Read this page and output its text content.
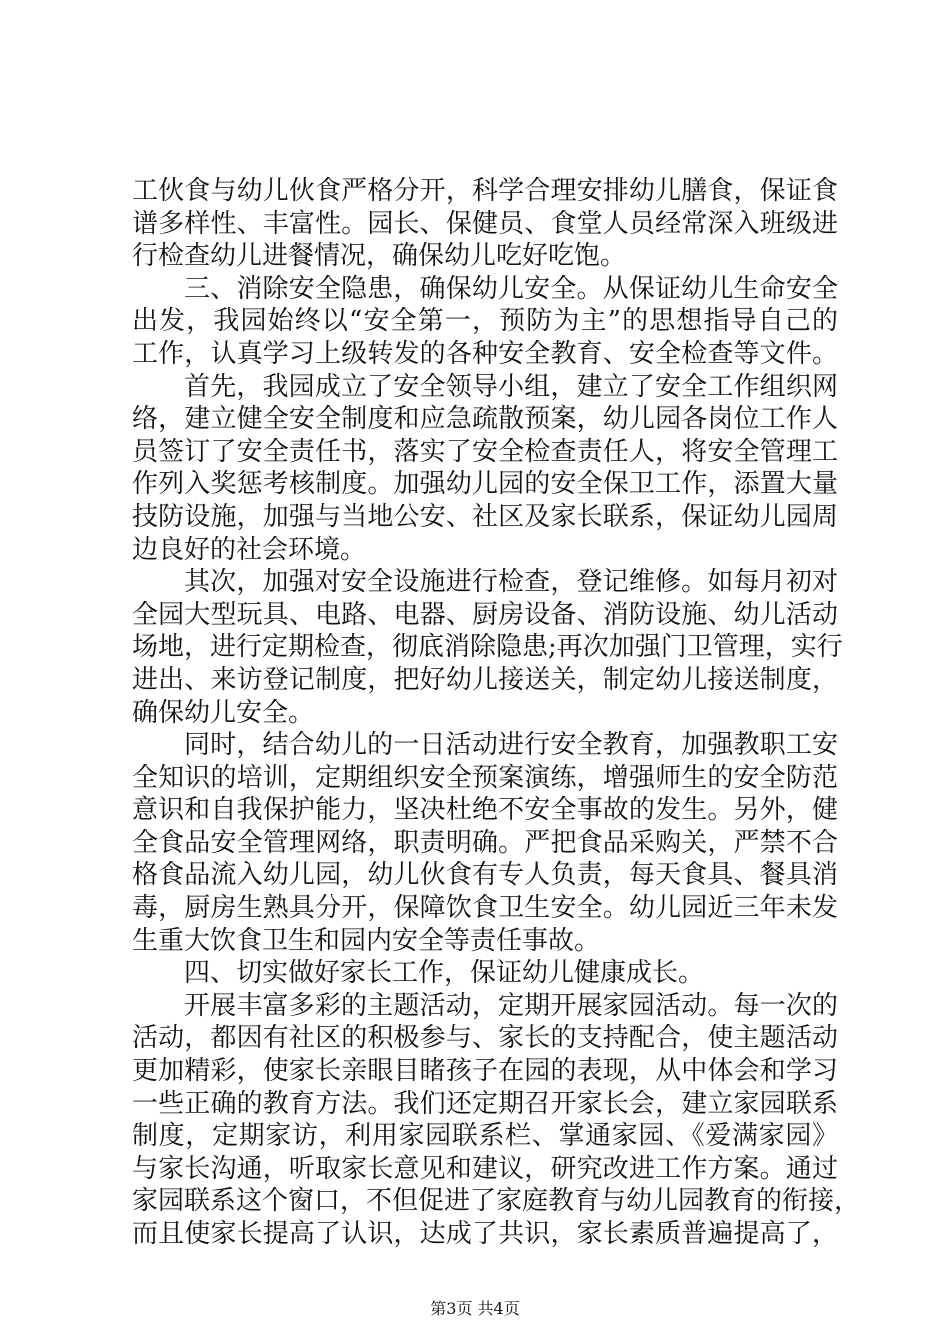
工伙食与幼儿伙食严格分开，科学合理安排幼儿膳食，保证食
谱多样性、丰富性。园长、保健员、食堂人员经常深入班级进
行检查幼儿进餐情况，确保幼儿吃好吃饱。
三、消除安全隐患，确保幼儿安全。从保证幼儿生命安全
出发，我园始终以“安全第一，预防为主”的思想指导自己的
工作，认真学习上级转发的各种安全教育、安全检查等文件。
首先，我园成立了安全领导小组，建立了安全工作组织网
络，建立健全安全制度和应急疏散预案，幼儿园各岗位工作人
员签订了安全责任书，落实了安全检查责任人，将安全管理工
作列入奖惩考核制度。加强幼儿园的安全保卫工作，添置大量
技防设施，加强与当地公安、社区及家长联系，保证幼儿园周
边良好的社会环境。
其次，加强对安全设施进行检查，登记维修。如每月初对
全园大型玩具、电路、电器、厨房设备、消防设施、幼儿活动
场地，进行定期检查，彻底消除隐患;再次加强门卫管理，实行
进出、来访登记制度，把好幼儿接送关，制定幼儿接送制度，
确保幼儿安全。
同时，结合幼儿的一日活动进行安全教育，加强教职工安
全知识的培训，定期组织安全预案演练，增强师生的安全防范
意识和自我保护能力，坚决杜绝不安全事故的发生。另外，健
全食品安全管理网络，职责明确。严把食品采购关，严禁不合
格食品流入幼儿园，幼儿伙食有专人负责，每天食具、餐具消
毒，厨房生熟具分开，保障饮食卫生安全。幼儿园近三年未发
生重大饮食卫生和园内安全等责任事故。
四、切实做好家长工作，保证幼儿健康成长。
开展丰富多彩的主题活动，定期开展家园活动。每一次的
活动，都因有社区的积极参与、家长的支持配合，使主题活动
更加精彩，使家长亲眼目睹孩子在园的表现，从中体会和学习
一些正确的教育方法。我们还定期召开家长会，建立家园联系
制度，定期家访，利用家园联系栏、掌通家园、《爱满家园》
与家长沟通，听取家长意见和建议，研究改进工作方案。通过
家园联系这个窗口，不但促进了家庭教育与幼儿园教育的衔接，
而且使家长提高了认识，达成了共识，家长素质普遍提高了，
第3页 共4页
